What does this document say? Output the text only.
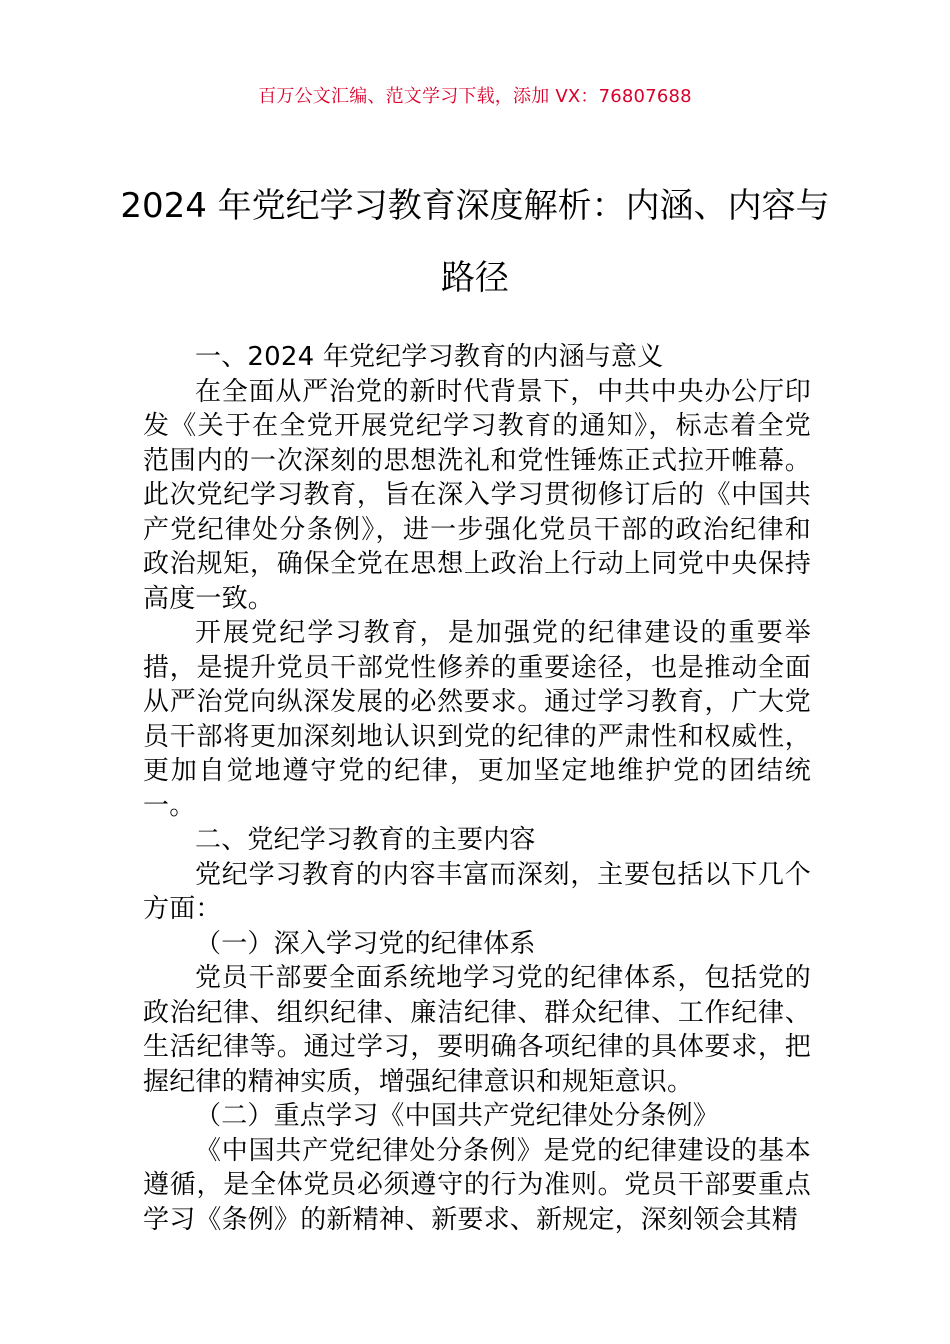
百万公文汇编、范文学习下载，添加 VX：76807688
2024 年党纪学习教育深度解析：内涵、内容与路径

一、2024 年党纪学习教育的内涵与意义

在全面从严治党的新时代背景下，中共中央办公厅印发《关于在全党开展党纪学习教育的通知》，标志着全党范围内的一次深刻的思想洗礼和党性锤炼正式拉开帷幕。此次党纪学习教育，旨在深入学习贯彻修订后的《中国共产党纪律处分条例》，进一步强化党员干部的政治纪律和政治规矩，确保全党在思想上政治上行动上同党中央保持高度一致。

开展党纪学习教育，是加强党的纪律建设的重要举措，是提升党员干部党性修养的重要途径，也是推动全面从严治党向纵深发展的必然要求。通过学习教育，广大党员干部将更加深刻地认识到党的纪律的严肃性和权威性，更加自觉地遵守党的纪律，更加坚定地维护党的团结统一。

二、党纪学习教育的主要内容

党纪学习教育的内容丰富而深刻，主要包括以下几个方面：

（一）深入学习党的纪律体系

党员干部要全面系统地学习党的纪律体系，包括党的政治纪律、组织纪律、廉洁纪律、群众纪律、工作纪律、生活纪律等。通过学习，要明确各项纪律的具体要求，把握纪律的精神实质，增强纪律意识和规矩意识。

（二）重点学习《中国共产党纪律处分条例》

《中国共产党纪律处分条例》是党的纪律建设的基本遵循，是全体党员必须遵守的行为准则。党员干部要重点学习《条例》的新精神、新要求、新规定，深刻领会其精
